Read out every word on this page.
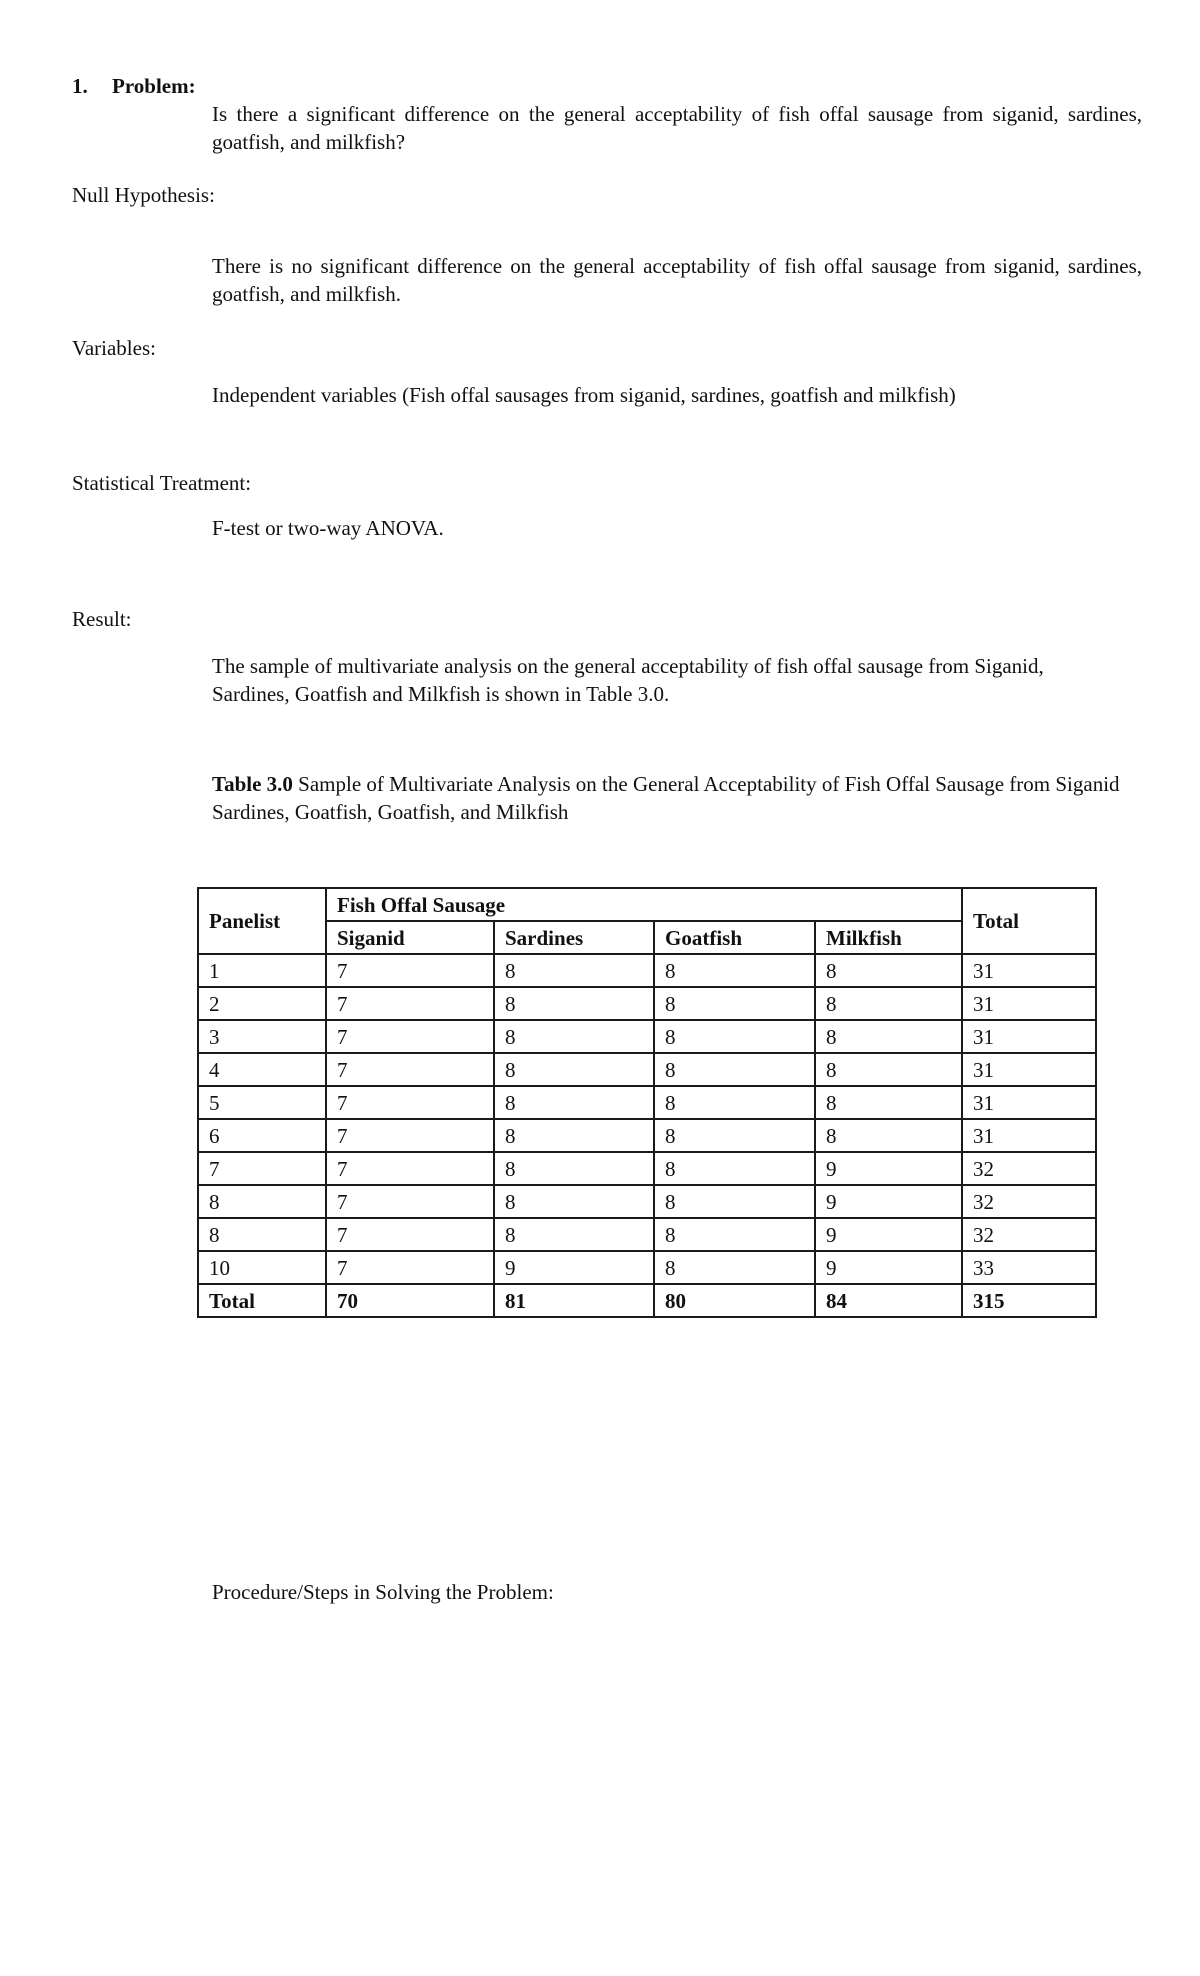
1. Problem:
Is there a significant difference on the general acceptability of fish offal sausage from siganid, sardines, goatfish, and milkfish?
Null Hypothesis:
There is no significant difference on the general acceptability of fish offal sausage from siganid, sardines, goatfish, and milkfish.
Variables:
Independent variables (Fish offal sausages from siganid, sardines, goatfish and milkfish)
Statistical Treatment:
F-test or two-way ANOVA.
Result:
The sample of multivariate analysis on the general acceptability of fish offal sausage from Siganid, Sardines, Goatfish and Milkfish is shown in Table 3.0.
Table 3.0 Sample of Multivariate Analysis on the General Acceptability of Fish Offal Sausage from Siganid Sardines, Goatfish, Goatfish, and Milkfish
Panelist	Fish Offal Sausage				Total
	Siganid	Sardines	Goatfish	Milkfish	
1	7	8	8	8	31
2	7	8	8	8	31
3	7	8	8	8	31
4	7	8	8	8	31
5	7	8	8	8	31
6	7	8	8	8	31
7	7	8	8	9	32
8	7	8	8	9	32
8	7	8	8	9	32
10	7	9	8	9	33
Total	70	81	80	84	315
Procedure/Steps in Solving the Problem:
